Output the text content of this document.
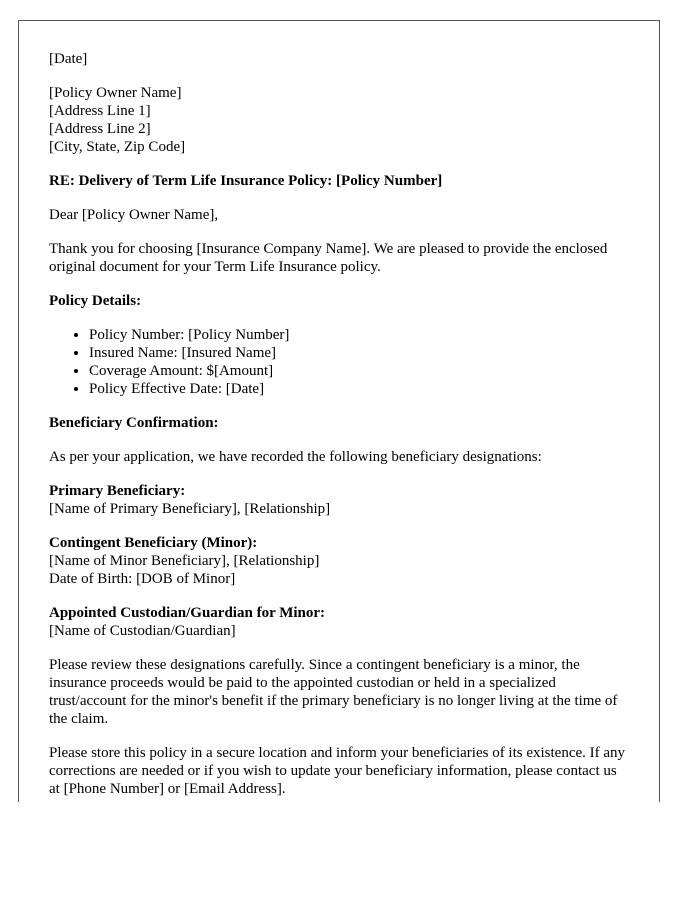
[Date]

[Policy Owner Name]
[Address Line 1]
[Address Line 2]
[City, State, Zip Code]

RE: Delivery of Term Life Insurance Policy: [Policy Number]

Dear [Policy Owner Name],

Thank you for choosing [Insurance Company Name]. We are pleased to provide the enclosed original document for your Term Life Insurance policy.

Policy Details:

• Policy Number: [Policy Number]
• Insured Name: [Insured Name]
• Coverage Amount: $[Amount]
• Policy Effective Date: [Date]

Beneficiary Confirmation:

As per your application, we have recorded the following beneficiary designations:

Primary Beneficiary:
[Name of Primary Beneficiary], [Relationship]
Contingent Beneficiary (Minor):
[Name of Minor Beneficiary], [Relationship]
Date of Birth: [DOB of Minor]
Appointed Custodian/Guardian for Minor:
[Name of Custodian/Guardian]

Please review these designations carefully. Since a contingent beneficiary is a minor, the insurance proceeds would be paid to the appointed custodian or held in a specialized trust/account for the minor's benefit if the primary beneficiary is no longer living at the time of the claim.

Please store this policy in a secure location and inform your beneficiaries of its existence. If any corrections are needed or if you wish to update your beneficiary information, please contact us at [Phone Number] or [Email Address].
